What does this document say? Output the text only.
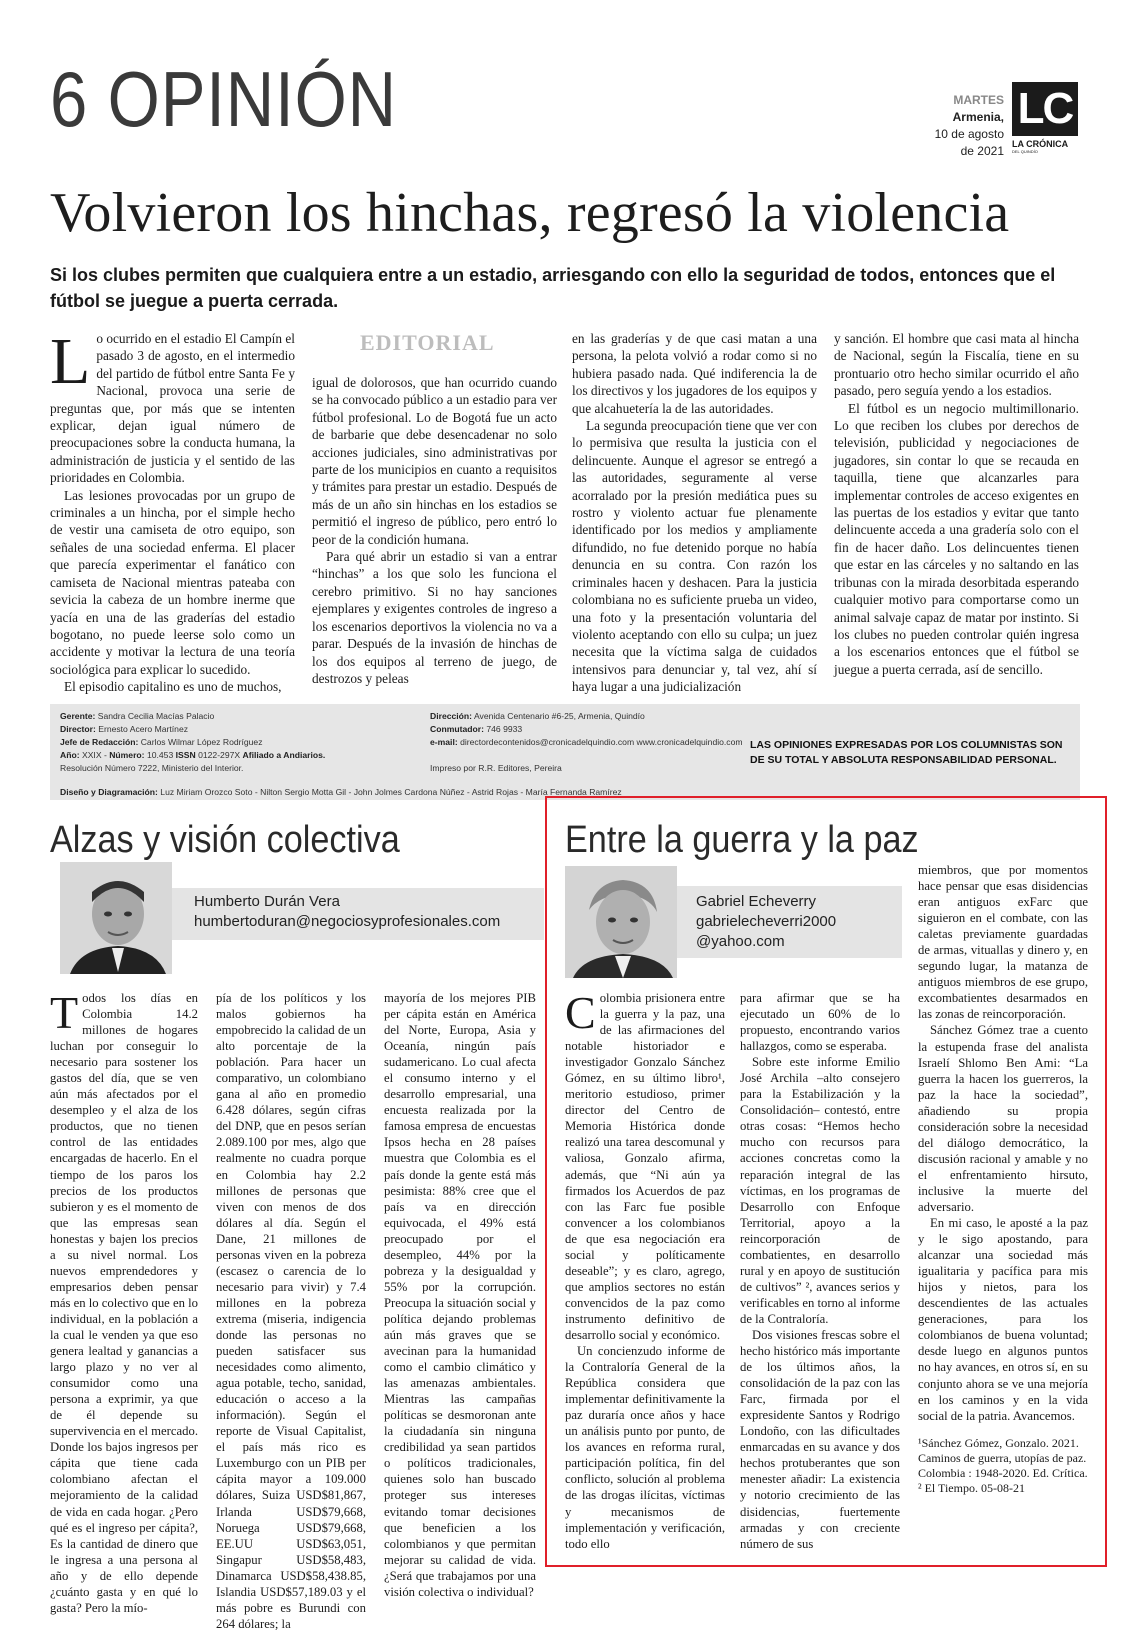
6 OPINIÓN	MARTES
Armenia,
10 de agosto
de 2021
LC
LA CRÓNICA
DEL QUINDÍO
Volvieron los hinchas, regresó la violencia
Si los clubes permiten que cualquiera entre a un estadio, arriesgando con ello la seguridad de todos, entonces que el fútbol se juegue a puerta cerrada.
EDITORIAL
L o ocurrido en el estadio El Campín el pasado 3 de agosto, en el intermedio del partido de fútbol entre Santa Fe y Nacional, provoca una serie de preguntas que, por más que se intenten explicar, dejan igual número de preocupaciones sobre la conducta humana, la administración de justicia y el sentido de las prioridades en Colombia.

Las lesiones provocadas por un grupo de criminales a un hincha, por el simple hecho de vestir una camiseta de otro equipo, son señales de una sociedad enferma. El placer que parecía experimentar el fanático con camiseta de Nacional mientras pateaba con sevicia la cabeza de un hombre inerme que yacía en una de las graderías del estadio bogotano, no puede leerse solo como un accidente y motivar la lectura de una teoría sociológica para explicar lo sucedido.

El episodio capitalino es uno de muchos,

igual de dolorosos, que han ocurrido cuando se ha convocado público a un estadio para ver fútbol profesional. Lo de Bogotá fue un acto de barbarie que debe desencadenar no solo acciones judiciales, sino administrativas por parte de los municipios en cuanto a requisitos y trámites para prestar un estadio. Después de más de un año sin hinchas en los estadios se permitió el ingreso de público, pero entró lo peor de la condición humana.

Para qué abrir un estadio si van a entrar “hinchas” a los que solo les funciona el cerebro primitivo. Si no hay sanciones ejemplares y exigentes controles de ingreso a los escenarios deportivos la violencia no va a parar. Después de la invasión de hinchas de los dos equipos al terreno de juego, de destrozos y peleas

en las graderías y de que casi matan a una persona, la pelota volvió a rodar como si no hubiera pasado nada. Qué indiferencia la de los directivos y los jugadores de los equipos y que alcahuetería la de las autoridades.

La segunda preocupación tiene que ver con lo permisiva que resulta la justicia con el delincuente. Aunque el agresor se entregó a las autoridades, seguramente al verse acorralado por la presión mediática pues su rostro y violento actuar fue plenamente identificado por los medios y ampliamente difundido, no fue detenido porque no había denuncia en su contra. Con razón los criminales hacen y deshacen. Para la justicia colombiana no es suficiente prueba un video, una foto y la presentación voluntaria del violento aceptando con ello su culpa; un juez necesita que la víctima salga de cuidados intensivos para denunciar y, tal vez, ahí sí haya lugar a una judicialización

y sanción. El hombre que casi mata al hincha de Nacional, según la Fiscalía, tiene en su prontuario otro hecho similar ocurrido el año pasado, pero seguía yendo a los estadios.

El fútbol es un negocio multimillonario. Lo que reciben los clubes por derechos de televisión, publicidad y negociaciones de jugadores, sin contar lo que se recauda en taquilla, tiene que alcanzarles para implementar controles de acceso exigentes en las puertas de los estadios y evitar que tanto delincuente acceda a una gradería solo con el fin de hacer daño. Los delincuentes tienen que estar en las cárceles y no saltando en las tribunas con la mirada desorbitada esperando cualquier motivo para comportarse como un animal salvaje capaz de matar por instinto. Si los clubes no pueden controlar quién ingresa a los escenarios entonces que el fútbol se juegue a puerta cerrada, así de sencillo.

Gerente: Sandra Cecilia Macías Palacio
Director: Ernesto Acero Martínez
Jefe de Redacción: Carlos Wilmar López Rodríguez
Año: XXIX - Número: 10.453 ISSN 0122-297X Afiliado a Andiarios.
Resolución Número 7222, Ministerio del Interior.
Dirección: Avenida Centenario #6-25, Armenia, Quindío
Conmutador: 746 9933
e-mail: directordecontenidos@cronicadelquindio.com www.cronicadelquindio.com
Impreso por R.R. Editores, Pereira
LAS OPINIONES EXPRESADAS POR LOS COLUMNISTAS SON DE SU TOTAL Y ABSOLUTA RESPONSABILIDAD PERSONAL.
Diseño y Diagramación: Luz Miriam Orozco Soto - Nilton Sergio Motta Gil - John Jolmes Cardona Núñez - Astrid Rojas - María Fernanda Ramírez
Alzas y visión colectiva
Humberto Durán Vera
humbertoduran@negociosyprofesionales.com
T odos los días en Colombia 14.2 millones de hogares luchan por conseguir lo necesario para sostener los gastos del día, que se ven aún más afectados por el desempleo y el alza de los productos, que no tienen control de las entidades encargadas de hacerlo. En el tiempo de los paros los precios de los productos subieron y es el momento de que las empresas sean honestas y bajen los precios a su nivel normal. Los nuevos emprendedores y empresarios deben pensar más en lo colectivo que en lo individual, en la población a la cual le venden ya que eso genera lealtad y ganancias a largo plazo y no ver al consumidor como una persona a exprimir, ya que de él depende su supervivencia en el mercado. Donde los bajos ingresos per cápita que tiene cada colombiano afectan el mejoramiento de la calidad de vida en cada hogar. ¿Pero qué es el ingreso per cápita?, Es la cantidad de dinero que le ingresa a una persona al año y de ello depende ¿cuánto gasta y en qué lo gasta? Pero la mío-

pía de los políticos y los malos gobiernos ha empobrecido la calidad de un alto porcentaje de la población. Para hacer un comparativo, un colombiano gana al año en promedio 6.428 dólares, según cifras del DNP, que en pesos serían 2.089.100 por mes, algo que realmente no cuadra porque en Colombia hay 2.2 millones de personas que viven con menos de dos dólares al día. Según el Dane, 21 millones de personas viven en la pobreza (escasez o carencia de lo necesario para vivir) y 7.4 millones en la pobreza extrema (miseria, indigencia donde las personas no pueden satisfacer sus necesidades como alimento, agua potable, techo, sanidad, educación o acceso a la información). Según el reporte de Visual Capitalist, el país más rico es Luxemburgo con un PIB per cápita mayor a 109.000 dólares, Suiza USD$81,867, Irlanda USD$79,668, Noruega USD$79,668, EE.UU USD$63,051, Singapur USD$58,483, Dinamarca USD$58,438.85, Islandia USD$57,189.03 y el más pobre es Burundi con 264 dólares; la

mayoría de los mejores PIB per cápita están en América del Norte, Europa, Asia y Oceanía, ningún país sudamericano. Lo cual afecta el consumo interno y el desarrollo empresarial, una encuesta realizada por la famosa empresa de encuestas Ipsos hecha en 28 países muestra que Colombia es el país donde la gente está más pesimista: 88% cree que el país va en dirección equivocada, el 49% está preocupado por el desempleo, 44% por la pobreza y la desigualdad y 55% por la corrupción. Preocupa la situación social y política dejando problemas aún más graves que se avecinan para la humanidad como el cambio climático y las amenazas ambientales. Mientras las campañas políticas se desmoronan ante la ciudadanía sin ninguna credibilidad ya sean partidos o políticos tradicionales, quienes solo han buscado proteger sus intereses evitando tomar decisiones que beneficien a los colombianos y que permitan mejorar su calidad de vida. ¿Será que trabajamos por una visión colectiva o individual?

Entre la guerra y la paz
Gabriel Echeverry
gabrielecheverri2000
@yahoo.com
C olombia prisionera entre la guerra y la paz, una de las afirmaciones del notable historiador e investigador Gonzalo Sánchez Gómez, en su último libro¹, meritorio estudioso, primer director del Centro de Memoria Histórica donde realizó una tarea descomunal y valiosa, Gonzalo afirma, además, que “Ni aún ya firmados los Acuerdos de paz con las Farc fue posible convencer a los colombianos de que esa negociación era social y políticamente deseable”; y es claro, agrego, que amplios sectores no están convencidos de la paz como instrumento definitivo de desarrollo social y económico.

Un concienzudo informe de la Contraloría General de la República considera que implementar definitivamente la paz duraría once años y hace un análisis punto por punto, de los avances en reforma rural, participación política, fin del conflicto, solución al problema de las drogas ilícitas, víctimas y mecanismos de implementación y verificación, todo ello

para afirmar que se ha ejecutado un 60% de lo propuesto, encontrando varios hallazgos, como se esperaba.

Sobre este informe Emilio José Archila –alto consejero para la Estabilización y la Consolidación– contestó, entre otras cosas: “Hemos hecho mucho con recursos para acciones concretas como la reparación integral de las víctimas, en los programas de Desarrollo con Enfoque Territorial, apoyo a la reincorporación de combatientes, en desarrollo rural y en apoyo de sustitución de cultivos” ², avances serios y verificables en torno al informe de la Contraloría.

Dos visiones frescas sobre el hecho histórico más importante de los últimos años, la consolidación de la paz con las Farc, firmada por el expresidente Santos y Rodrigo Londoño, con las dificultades enmarcadas en su avance y dos hechos protuberantes que son menester añadir: La existencia y notorio crecimiento de las disidencias, fuertemente armadas y con creciente número de sus

miembros, que por momentos hace pensar que esas disidencias eran antiguos exFarc que siguieron en el combate, con las caletas previamente guardadas de armas, vituallas y dinero y, en segundo lugar, la matanza de antiguos miembros de ese grupo, excombatientes desarmados en las zonas de reincorporación.

Sánchez Gómez trae a cuento la estupenda frase del analista Israelí Shlomo Ben Ami: “La guerra la hacen los guerreros, la paz la hace la sociedad”, añadiendo su propia consideración sobre la necesidad del diálogo democrático, la discusión racional y amable y no el enfrentamiento hirsuto, inclusive la muerte del adversario.

En mi caso, le aposté a la paz y le sigo apostando, para alcanzar una sociedad más igualitaria y pacífica para mis hijos y nietos, para los descendientes de las actuales generaciones, para los colombianos de buena voluntad; desde luego en algunos puntos no hay avances, en otros sí, en su conjunto ahora se ve una mejoría en los caminos y en la vida social de la patria. Avancemos.

¹Sánchez Gómez, Gonzalo. 2021. Caminos de guerra, utopías de paz. Colombia : 1948-2020. Ed. Crítica.

² El Tiempo. 05-08-21
